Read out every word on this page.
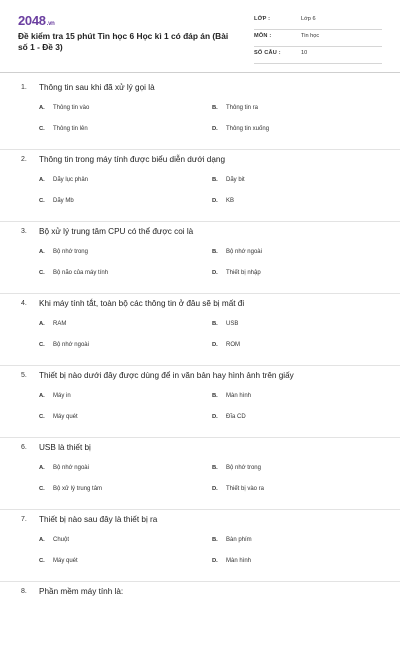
2048.vn
Đề kiểm tra 15 phút Tin học 6 Học kì 1 có đáp án (Bài số 1 - Đề 3)
LỚP :	Lớp 6
MÔN :	Tin học
SỐ CÂU :	10
1. Thông tin sau khi đã xử lý gọi là
A. Thông tin vào	B. Thông tin ra
C. Thông tin lên	D. Thông tin xuống
2. Thông tin trong máy tính được biểu diễn dưới dạng
A. Dãy lục phân	B. Dãy bit
C. Dãy Mb	D. KB
3. Bộ xử lý trung tâm CPU có thể được coi là
A. Bộ nhớ trong	B. Bộ nhớ ngoài
C. Bộ não của máy tính	D. Thiết bị nhập
4. Khi máy tính tắt, toàn bộ các thông tin ở đâu sẽ bị mất đi
A. RAM	B. USB
C. Bộ nhớ ngoài	D. ROM
5. Thiết bị nào dưới đây được dùng để in văn bản hay hình ảnh trên giấy
A. Máy in	B. Màn hình
C. Máy quét	D. Đĩa CD
6. USB là thiết bị
A. Bộ nhớ ngoài	B. Bộ nhớ trong
C. Bộ xử lý trung tâm	D. Thiết bị vào ra
7. Thiết bị nào sau đây là thiết bị ra
A. Chuột	B. Bàn phím
C. Máy quét	D. Màn hình
8. Phần mềm máy tính là:
